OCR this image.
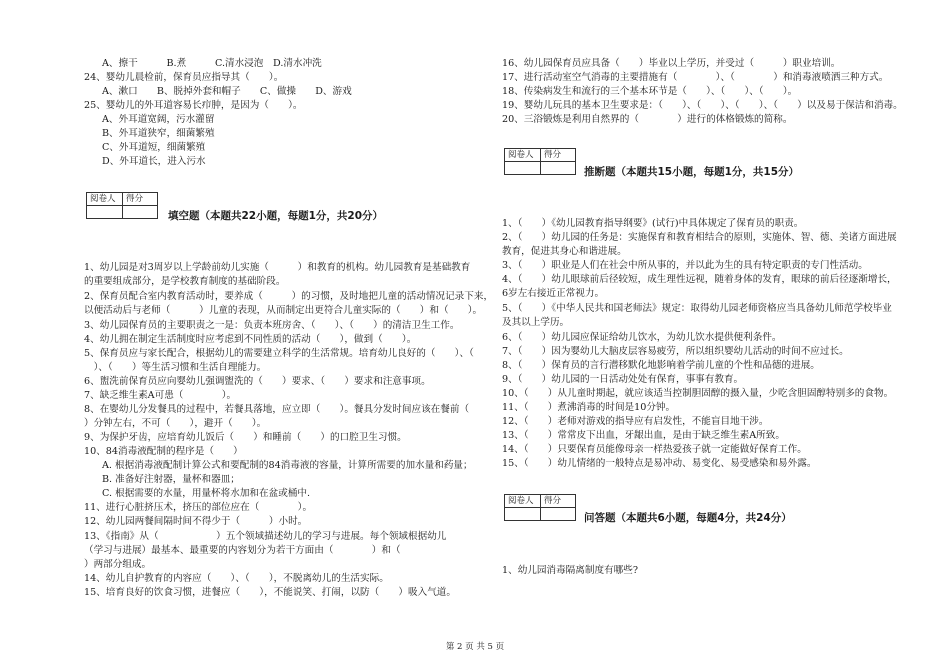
A、擦干　　　B.煮　　　C.清水浸泡　D.清水冲洗
24、婴幼儿晨检前，保育员应指导其（　　）。
A、漱口　　B、脱掉外套和帽子　　C、做操　　D、游戏
25、婴幼儿的外耳道容易长疖肿，是因为（　　）。
A、外耳道宽阔，污水灌留
B、外耳道狭窄，细菌繁殖
C、外耳道短，细菌繁殖
D、外耳道长，进入污水
阅卷人	得分
填空题（本题共22小题，每题1分，共20分）
1、幼儿园是对3周岁以上学龄前幼儿实施（　　　）和教育的机构。幼儿园教育是基础教育
的重要组成部分，是学校教育制度的基础阶段。
2、保育员配合室内教育活动时，要养成（　　　）的习惯，及时地把儿童的活动情况记录下来，
以便活动后与老师（　　　）儿童的表现，从而制定出更符合儿童实际的（　　）和（　　）。
3、幼儿园保育员的主要职责之一是：负责本班房舍、（　　）、（　　）的清洁卫生工作。
4、幼儿拥在制定生活制度时应考虑到不同性质的活动（　　），做到（　　）。
5、保育员应与家长配合，根据幼儿的需要建立科学的生活常规。培育幼儿良好的（　　）、（
　）、（　　）等生活习惯和生活自理能力。
6、盥洗前保育员应向婴幼儿强调盥洗的（　　）要求、（　　）要求和注意事项。
7、缺乏维生素A可患（　　　　）。
8、在婴幼儿分发餐具的过程中，若餐具落地，应立即（　　）。餐具分发时间应该在餐前（
）分钟左右，不可（　　），避开（　　）。
9、为保护牙齿，应培育幼儿饭后（　　）和睡前（　　）的口腔卫生习惯。
10、84消毒液配制的程序是（　　）
A. 根据消毒液配制计算公式和要配制的84消毒液的容量，计算所需要的加水量和药量；
B. 准备好注射器，量杯和器皿；
C. 根据需要的水量，用量杯将水加和在盆或桶中.
11、进行心脏挤压术，挤压的部位应在（　　　　）。
12、幼儿园两餐间隔时间不得少于（　　　）小时。
13、《指南》从（　　　　　　）五个领域描述幼儿的学习与进展。每个领域根据幼儿
（学习与进展）最基本、最重要的内容划分为若干方面由（　　　　）和（
）两部分组成。
14、幼儿自护教育的内容应（　　）、（　　），不脱离幼儿的生活实际。
15、培育良好的饮食习惯，进餐应（　　），不能说笑、打闹，以防（　　）吸入气道。
16、幼儿园保育员应具备（　　）毕业以上学历，并受过（　　　）职业培训。
17、进行活动室空气消毒的主要措施有（　　　　）、（　　　　）和消毒液喷洒三种方式。
18、传染病发生和流行的三个基本环节是（　　）、（　　）、（　　）。
19、婴幼儿玩具的基本卫生要求是：（　　）、（　　）、（　　）、（　　）以及易于保洁和消毒。
20、三浴锻炼是利用自然界的（　　　　）进行的体格锻炼的简称。
阅卷人	得分
推断题（本题共15小题，每题1分，共15分）
1、（　　）《幼儿园教育指导纲要》(试行)中具体规定了保育员的职责。
2、（　　）幼儿园的任务是：实施保育和教育相结合的原则，实施体、智、德、美诸方面进展
教育，促进其身心和谐进展。
3、（　　）职业是人们在社会中所从事的，并以此为生的具有特定职责的专门性活动。
4、（　　）幼儿眼球前后径较短，成生理性远视，随着身体的发育，眼球的前后径逐渐增长，
6岁左右接近正常视力。
5、（　　）《中华人民共和国老师法》规定：取得幼儿园老师资格应当具备幼儿师范学校毕业
及其以上学历。
6、（　　）幼儿园应保证给幼儿饮水，为幼儿饮水提供便利条件。
7、（　　）因为婴幼儿大脑皮层容易疲劳，所以组织婴幼儿活动的时间不应过长。
8、（　　）保育员的言行潜移默化地影响着学前儿童的个性和品德的进展。
9、（　　）幼儿园的一日活动处处有保育，事事有教育。
10、（　　）从儿童时期起，就应该适当控制胆固醇的摄入量，少吃含胆固醇特别多的食物。
11、（　　）煮沸消毒的时间是10分钟。
12、（　　）老师对游戏的指导应有启发性，不能盲目地干涉。
13、（　　）常常皮下出血，牙龈出血，是由于缺乏维生素A所致。
14、（　　）只要保育员能像母亲一样热爱孩子就一定能做好保育工作。
15、（　　）幼儿情绪的一般特点是易冲动、易变化、易受感染和易外露。
阅卷人	得分
问答题（本题共6小题，每题4分，共24分）
1、幼儿园消毒隔离制度有哪些?
第 2 页 共 5 页
